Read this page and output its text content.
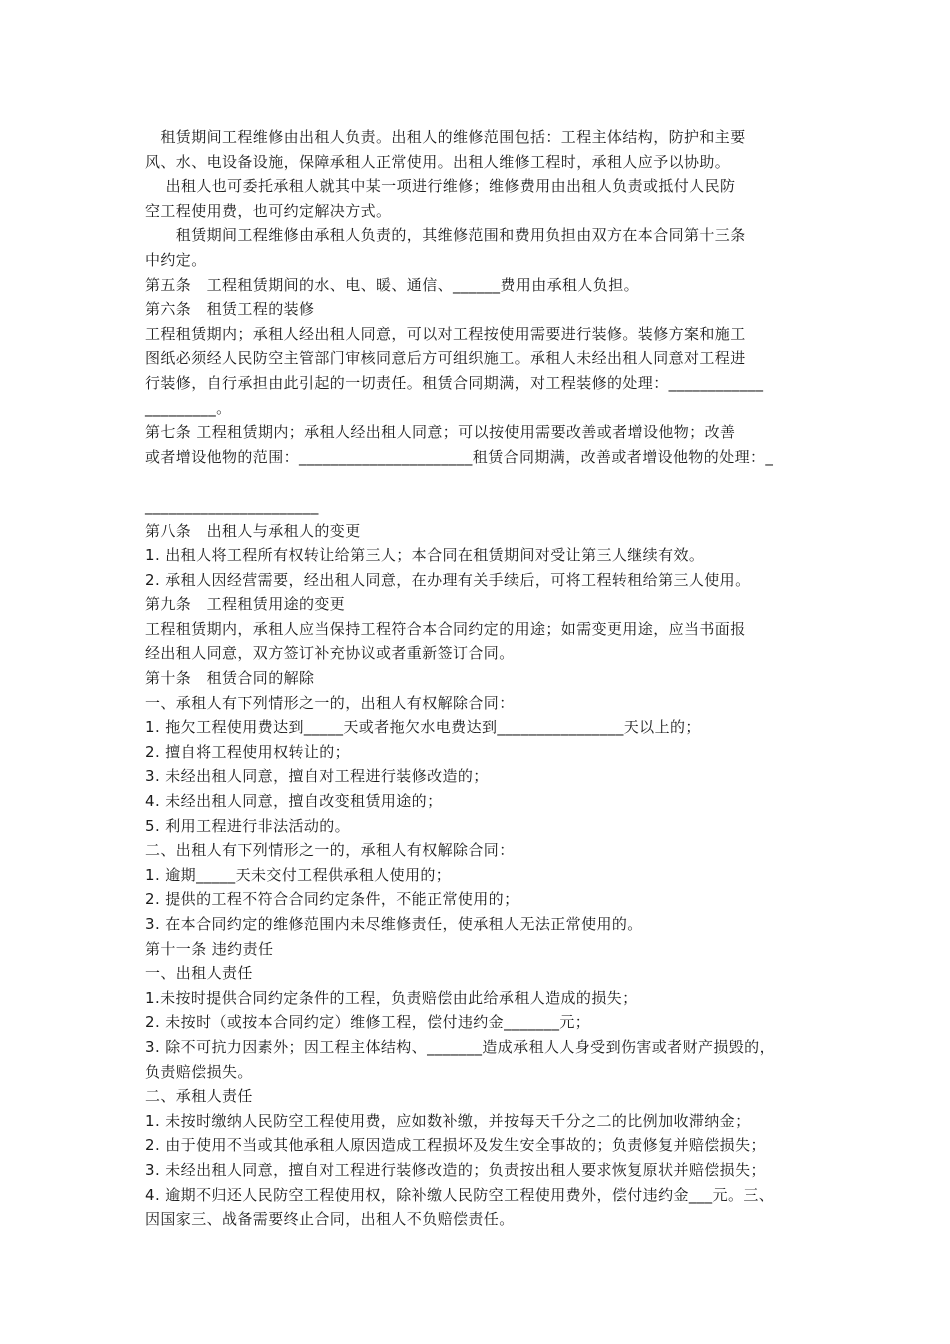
　租赁期间工程维修由出租人负责。出租人的维修范围包括：工程主体结构，防护和主要
风、水、电设备设施，保障承租人正常使用。出租人维修工程时，承租人应予以协助。
　 出租人也可委托承租人就其中某一项进行维修；维修费用由出租人负责或抵付人民防
空工程使用费，也可约定解决方式。
　　租赁期间工程维修由承租人负责的，其维修范围和费用负担由双方在本合同第十三条
中约定。
第五条　工程租赁期间的水、电、暖、通信、______费用由承租人负担。
第六条　租赁工程的装修
工程租赁期内；承租人经出租人同意，可以对工程按使用需要进行装修。装修方案和施工
图纸必须经人民防空主管部门审核同意后方可组织施工。承租人未经出租人同意对工程进
行装修，自行承担由此引起的一切责任。租赁合同期满，对工程装修的处理：____________
_________。
第七条 工程租赁期内；承租人经出租人同意；可以按使用需要改善或者增设他物；改善
或者增设他物的范围：______________________租赁合同期满，改善或者增设他物的处理：_
______________________
第八条　出租人与承租人的变更
1. 出租人将工程所有权转让给第三人；本合同在租赁期间对受让第三人继续有效。
2. 承租人因经营需要，经出租人同意，在办理有关手续后，可将工程转租给第三人使用。
第九条　工程租赁用途的变更
工程租赁期内，承租人应当保持工程符合本合同约定的用途；如需变更用途，应当书面报
经出租人同意，双方签订补充协议或者重新签订合同。
第十条　租赁合同的解除
一、承租人有下列情形之一的，出租人有权解除合同：
1. 拖欠工程使用费达到_____天或者拖欠水电费达到________________天以上的；
2. 擅自将工程使用权转让的；
3. 未经出租人同意，擅自对工程进行装修改造的；
4. 未经出租人同意，擅自改变租赁用途的；
5. 利用工程进行非法活动的。
二、出租人有下列情形之一的，承租人有权解除合同：
1. 逾期_____天未交付工程供承租人使用的；
2. 提供的工程不符合合同约定条件，不能正常使用的；
3. 在本合同约定的维修范围内未尽维修责任，使承租人无法正常使用的。
第十一条 违约责任
一、出租人责任
1.未按时提供合同约定条件的工程，负责赔偿由此给承租人造成的损失；
2. 未按时（或按本合同约定）维修工程，偿付违约金_______元；
3. 除不可抗力因素外；因工程主体结构、_______造成承租人人身受到伤害或者财产损毁的，
负责赔偿损失。
二、承租人责任
1. 未按时缴纳人民防空工程使用费，应如数补缴，并按每天千分之二的比例加收滞纳金；
2. 由于使用不当或其他承租人原因造成工程损坏及发生安全事故的；负责修复并赔偿损失；
3. 未经出租人同意，擅自对工程进行装修改造的；负责按出租人要求恢复原状并赔偿损失；
4. 逾期不归还人民防空工程使用权，除补缴人民防空工程使用费外，偿付违约金___元。三、
因国家三、战备需要终止合同，出租人不负赔偿责任。
